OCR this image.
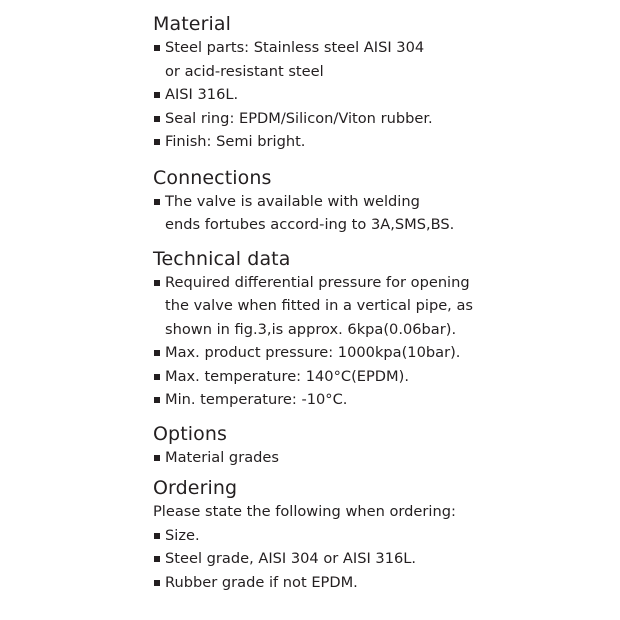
Material
Steel parts: Stainless steel AISI 304
or acid-resistant steel
AISI 316L.
Seal ring: EPDM/Silicon/Viton rubber.
Finish: Semi bright.
Connections
The valve is available with welding
ends fortubes accord-ing to 3A,SMS,BS.
Technical data
Required differential pressure for opening
the valve when fitted in a vertical pipe, as
shown in fig.3,is approx. 6kpa(0.06bar).
Max. product pressure: 1000kpa(10bar).
Max. temperature: 140°C(EPDM).
Min. temperature: -10°C.
Options
Material grades
Ordering

Please state the following when ordering:

Size.
Steel grade, AISI 304 or AISI 316L.
Rubber grade if not EPDM.
